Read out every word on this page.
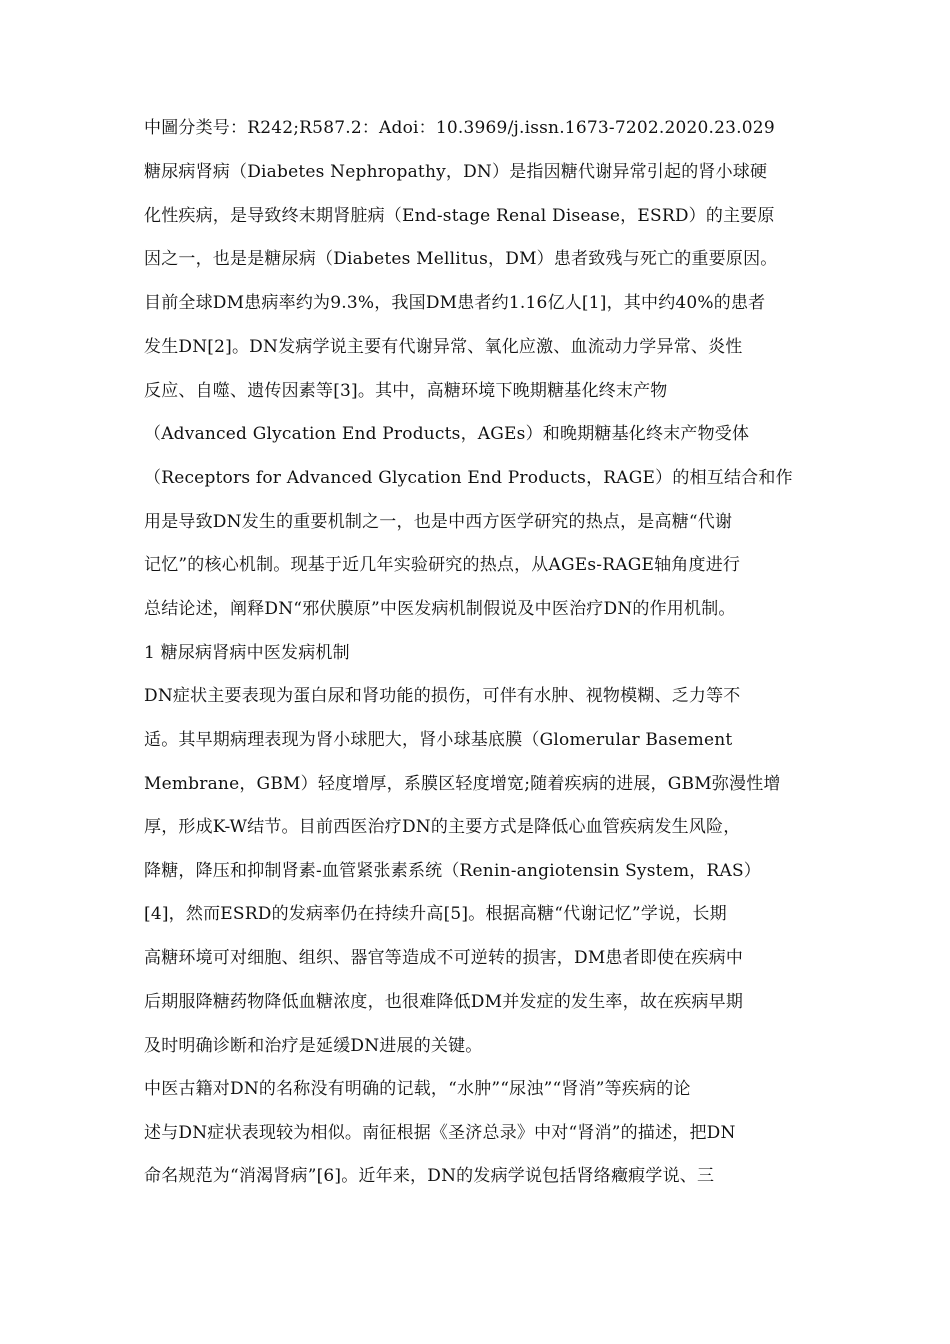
中圖分类号：R242;R587.2：Adoi：10.3969/j.issn.1673-7202.2020.23.029
糖尿病肾病（Diabetes Nephropathy，DN）是指因糖代谢异常引起的肾小球硬
化性疾病，是导致终末期肾脏病（End-stage Renal Disease，ESRD）的主要原
因之一，也是是糖尿病（Diabetes Mellitus，DM）患者致残与死亡的重要原因。
目前全球DM患病率约为9.3%，我国DM患者约1.16亿人[1]，其中约40%的患者
发生DN[2]。DN发病学说主要有代谢异常、氧化应激、血流动力学异常、炎性
反应、自噬、遗传因素等[3]。其中，高糖环境下晚期糖基化终末产物
（Advanced Glycation End Products，AGEs）和晚期糖基化终末产物受体
（Receptors for Advanced Glycation End Products，RAGE）的相互结合和作
用是导致DN发生的重要机制之一，也是中西方医学研究的热点，是高糖“代谢
记忆”的核心机制。现基于近几年实验研究的热点，从AGEs-RAGE轴角度进行
总结论述，阐释DN“邪伏膜原”中医发病机制假说及中医治疗DN的作用机制。
1 糖尿病肾病中医发病机制
DN症状主要表现为蛋白尿和肾功能的损伤，可伴有水肿、视物模糊、乏力等不
适。其早期病理表现为肾小球肥大，肾小球基底膜（Glomerular Basement
Membrane，GBM）轻度增厚，系膜区轻度增宽;随着疾病的进展，GBM弥漫性增
厚，形成K-W结节。目前西医治疗DN的主要方式是降低心血管疾病发生风险，
降糖，降压和抑制肾素-血管紧张素系统（Renin-angiotensin System，RAS）
[4]，然而ESRD的发病率仍在持续升高[5]。根据高糖“代谢记忆”学说，长期
高糖环境可对细胞、组织、器官等造成不可逆转的损害，DM患者即使在疾病中
后期服降糖药物降低血糖浓度，也很难降低DM并发症的发生率，故在疾病早期
及时明确诊断和治疗是延缓DN进展的关键。
中医古籍对DN的名称没有明确的记载，“水肿”“尿浊”“肾消”等疾病的论
述与DN症状表现较为相似。南征根据《圣济总录》中对“肾消”的描述，把DN
命名规范为“消渴肾病”[6]。近年来，DN的发病学说包括肾络癥瘕学说、三
